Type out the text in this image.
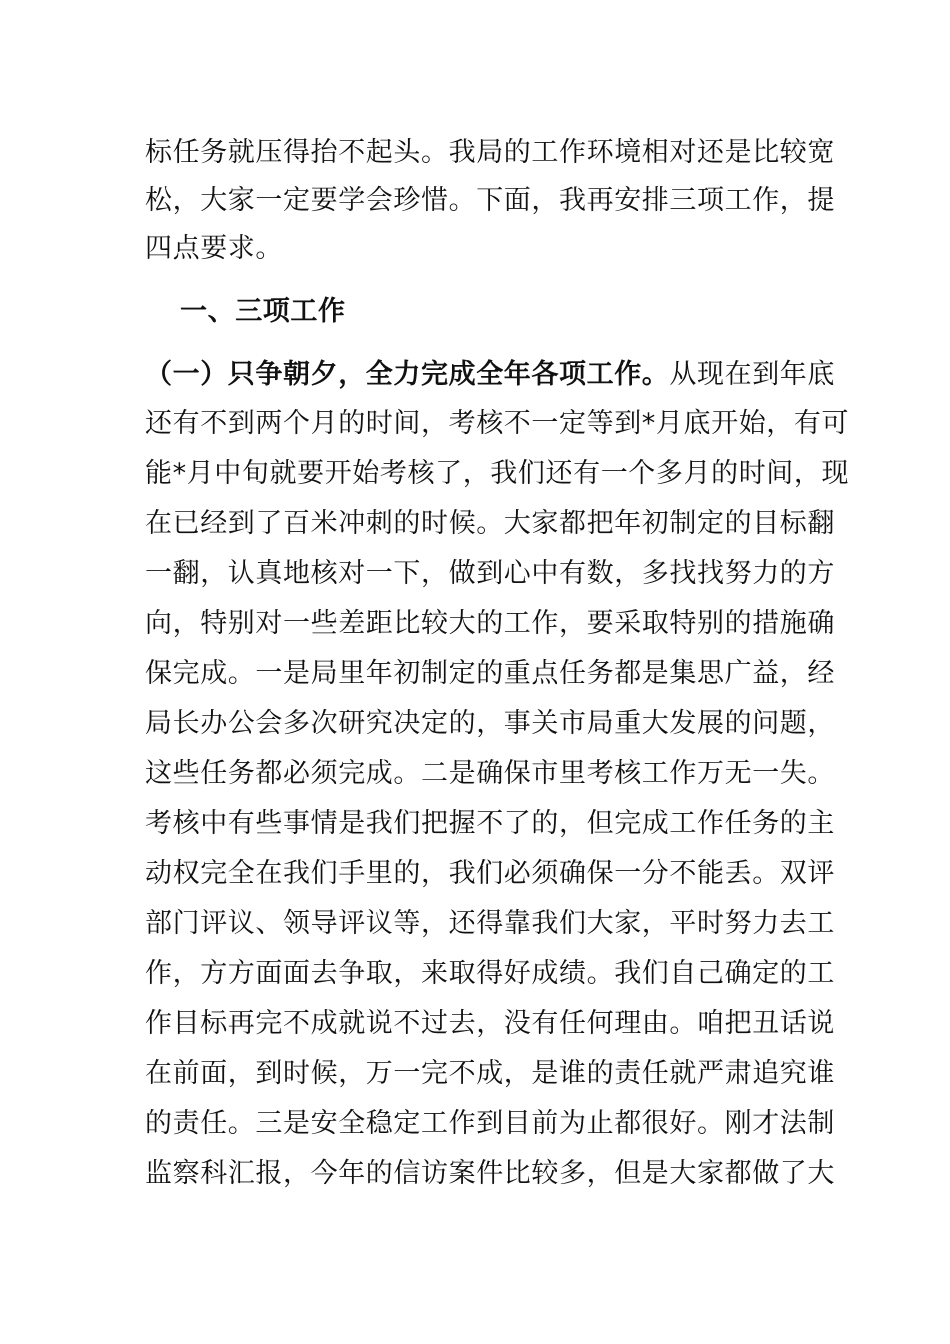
标任务就压得抬不起头。我局的工作环境相对还是比较宽
松，大家一定要学会珍惜。下面，我再安排三项工作，提
四点要求。
一、三项工作
（一）只争朝夕，全力完成全年各项工作。从现在到年底
还有不到两个月的时间，考核不一定等到*月底开始，有可
能*月中旬就要开始考核了，我们还有一个多月的时间，现
在已经到了百米冲刺的时候。大家都把年初制定的目标翻
一翻，认真地核对一下，做到心中有数，多找找努力的方
向，特别对一些差距比较大的工作，要采取特别的措施确
保完成。一是局里年初制定的重点任务都是集思广益，经
局长办公会多次研究决定的，事关市局重大发展的问题，
这些任务都必须完成。二是确保市里考核工作万无一失。
考核中有些事情是我们把握不了的，但完成工作任务的主
动权完全在我们手里的，我们必须确保一分不能丢。双评
部门评议、领导评议等，还得靠我们大家，平时努力去工
作，方方面面去争取，来取得好成绩。我们自己确定的工
作目标再完不成就说不过去，没有任何理由。咱把丑话说
在前面，到时候，万一完不成，是谁的责任就严肃追究谁
的责任。三是安全稳定工作到目前为止都很好。刚才法制
监察科汇报，今年的信访案件比较多，但是大家都做了大
